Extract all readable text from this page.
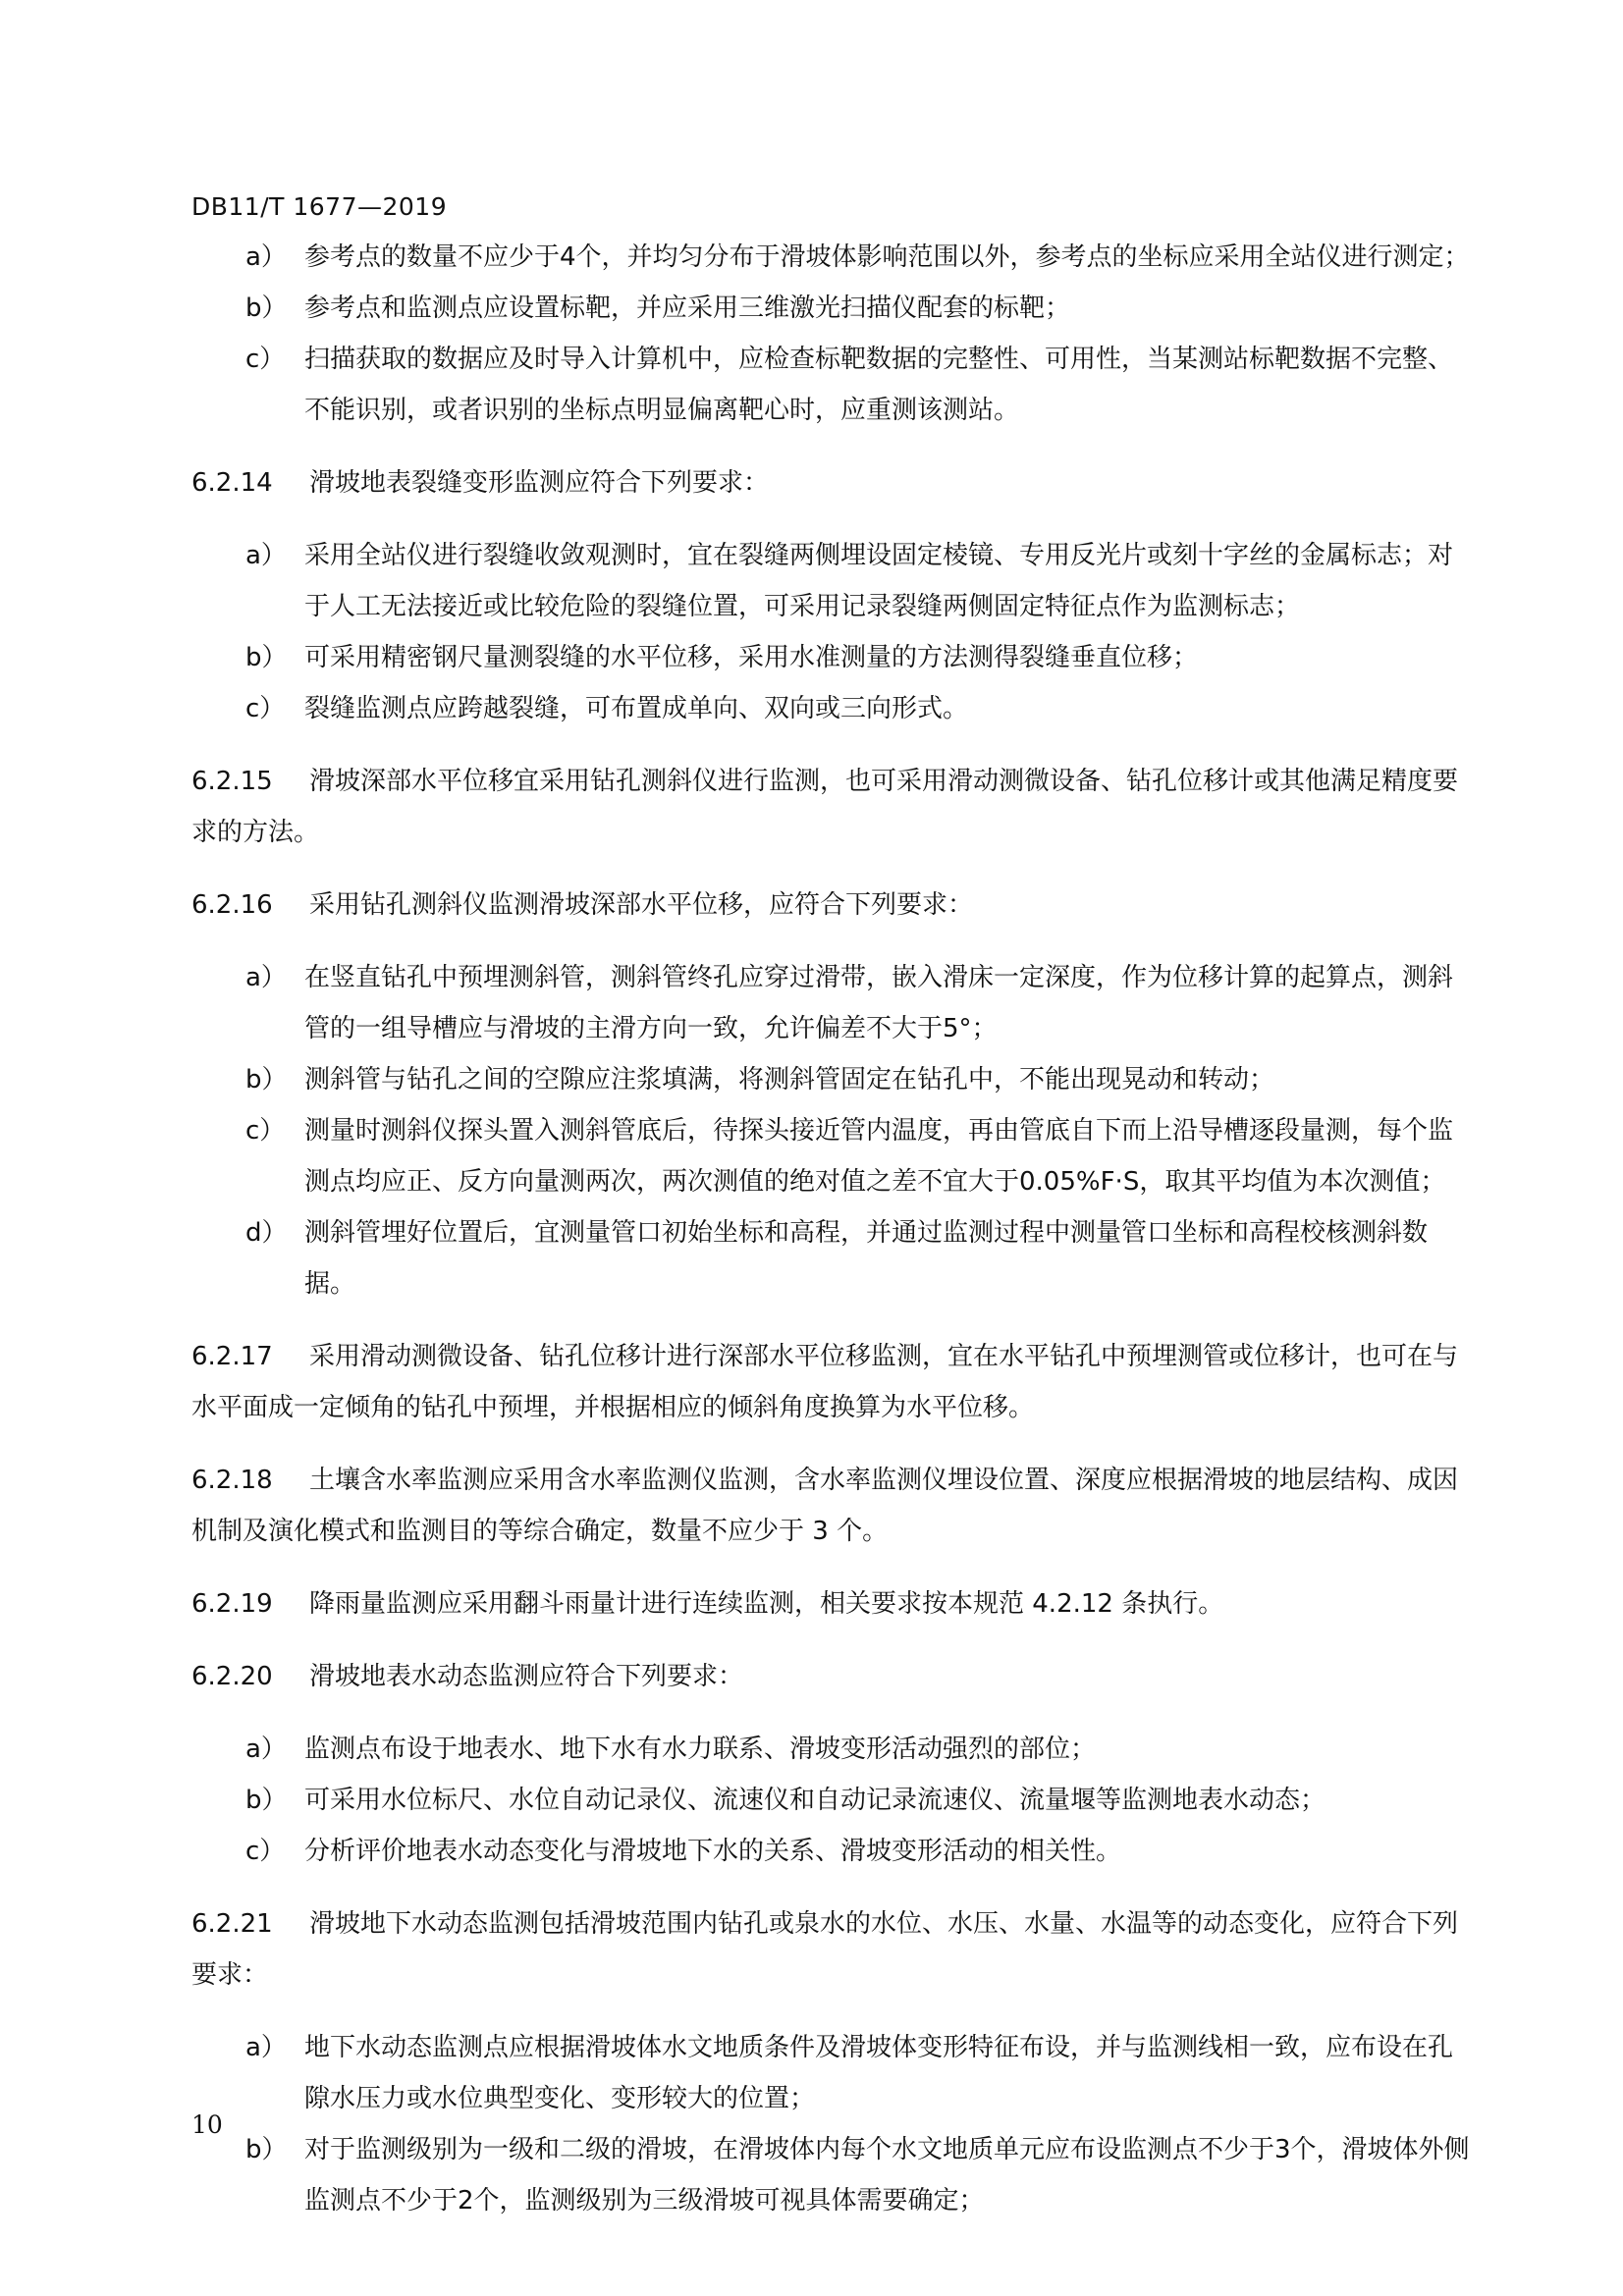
DB11/T 1677—2019
a） 参考点的数量不应少于4个，并均匀分布于滑坡体影响范围以外，参考点的坐标应采用全站仪进行测定；
b） 参考点和监测点应设置标靶，并应采用三维激光扫描仪配套的标靶；
c） 扫描获取的数据应及时导入计算机中，应检查标靶数据的完整性、可用性，当某测站标靶数据不完整、不能识别，或者识别的坐标点明显偏离靶心时，应重测该测站。
6.2.14 滑坡地表裂缝变形监测应符合下列要求：
a） 采用全站仪进行裂缝收敛观测时，宜在裂缝两侧埋设固定棱镜、专用反光片或刻十字丝的金属标志；对于人工无法接近或比较危险的裂缝位置，可采用记录裂缝两侧固定特征点作为监测标志；
b） 可采用精密钢尺量测裂缝的水平位移，采用水准测量的方法测得裂缝垂直位移；
c） 裂缝监测点应跨越裂缝，可布置成单向、双向或三向形式。
6.2.15 滑坡深部水平位移宜采用钻孔测斜仪进行监测，也可采用滑动测微设备、钻孔位移计或其他满足精度要求的方法。
6.2.16 采用钻孔测斜仪监测滑坡深部水平位移，应符合下列要求：
a） 在竖直钻孔中预埋测斜管，测斜管终孔应穿过滑带，嵌入滑床一定深度，作为位移计算的起算点，测斜管的一组导槽应与滑坡的主滑方向一致，允许偏差不大于5°；
b） 测斜管与钻孔之间的空隙应注浆填满，将测斜管固定在钻孔中，不能出现晃动和转动；
c） 测量时测斜仪探头置入测斜管底后，待探头接近管内温度，再由管底自下而上沿导槽逐段量测，每个监测点均应正、反方向量测两次，两次测值的绝对值之差不宜大于0.05%F·S，取其平均值为本次测值；
d） 测斜管埋好位置后，宜测量管口初始坐标和高程，并通过监测过程中测量管口坐标和高程校核测斜数据。
6.2.17 采用滑动测微设备、钻孔位移计进行深部水平位移监测，宜在水平钻孔中预埋测管或位移计，也可在与水平面成一定倾角的钻孔中预埋，并根据相应的倾斜角度换算为水平位移。
6.2.18 土壤含水率监测应采用含水率监测仪监测，含水率监测仪埋设位置、深度应根据滑坡的地层结构、成因机制及演化模式和监测目的等综合确定，数量不应少于 3 个。
6.2.19 降雨量监测应采用翻斗雨量计进行连续监测，相关要求按本规范 4.2.12 条执行。
6.2.20 滑坡地表水动态监测应符合下列要求：
a） 监测点布设于地表水、地下水有水力联系、滑坡变形活动强烈的部位；
b） 可采用水位标尺、水位自动记录仪、流速仪和自动记录流速仪、流量堰等监测地表水动态；
c） 分析评价地表水动态变化与滑坡地下水的关系、滑坡变形活动的相关性。
6.2.21 滑坡地下水动态监测包括滑坡范围内钻孔或泉水的水位、水压、水量、水温等的动态变化，应符合下列要求：
a） 地下水动态监测点应根据滑坡体水文地质条件及滑坡体变形特征布设，并与监测线相一致，应布设在孔隙水压力或水位典型变化、变形较大的位置；
b） 对于监测级别为一级和二级的滑坡，在滑坡体内每个水文地质单元应布设监测点不少于3个，滑坡体外侧监测点不少于2个，监测级别为三级滑坡可视具体需要确定；
10
